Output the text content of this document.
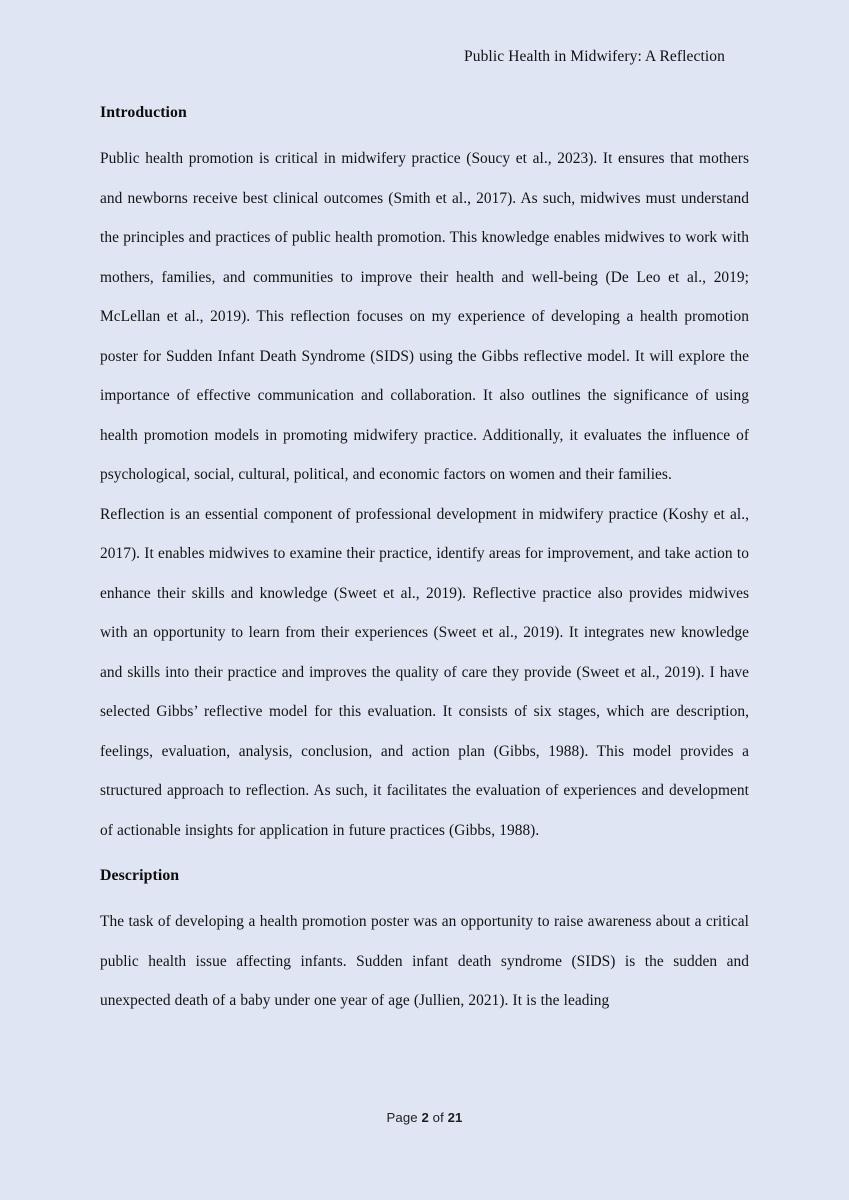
Public Health in Midwifery: A Reflection
Introduction

Public health promotion is critical in midwifery practice (Soucy et al., 2023). It ensures that mothers and newborns receive best clinical outcomes (Smith et al., 2017). As such, midwives must understand the principles and practices of public health promotion. This knowledge enables midwives to work with mothers, families, and communities to improve their health and well-being (De Leo et al., 2019; McLellan et al., 2019). This reflection focuses on my experience of developing a health promotion poster for Sudden Infant Death Syndrome (SIDS) using the Gibbs reflective model. It will explore the importance of effective communication and collaboration. It also outlines the significance of using health promotion models in promoting midwifery practice. Additionally, it evaluates the influence of psychological, social, cultural, political, and economic factors on women and their families.

Reflection is an essential component of professional development in midwifery practice (Koshy et al., 2017). It enables midwives to examine their practice, identify areas for improvement, and take action to enhance their skills and knowledge (Sweet et al., 2019). Reflective practice also provides midwives with an opportunity to learn from their experiences (Sweet et al., 2019). It integrates new knowledge and skills into their practice and improves the quality of care they provide (Sweet et al., 2019). I have selected Gibbs’ reflective model for this evaluation. It consists of six stages, which are description, feelings, evaluation, analysis, conclusion, and action plan (Gibbs, 1988). This model provides a structured approach to reflection. As such, it facilitates the evaluation of experiences and development of actionable insights for application in future practices (Gibbs, 1988).

Description

The task of developing a health promotion poster was an opportunity to raise awareness about a critical public health issue affecting infants. Sudden infant death syndrome (SIDS) is the sudden and unexpected death of a baby under one year of age (Jullien, 2021). It is the leading

Page 2 of 21
